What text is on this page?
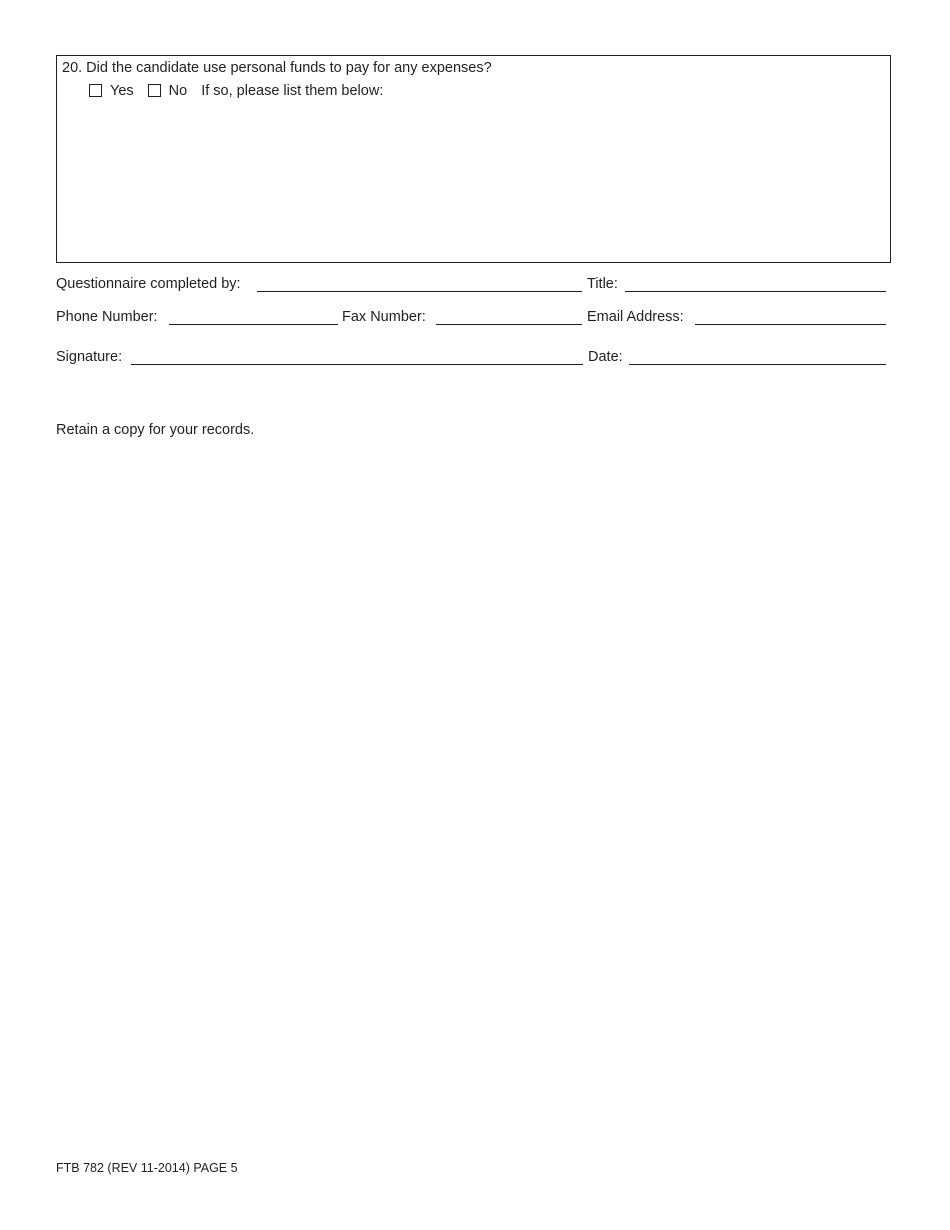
20. Did the candidate use personal funds to pay for any expenses?
Yes No If so, please list them below:
Questionnaire completed by:	Title:
Phone Number:	Fax Number:	Email Address:
Signature:	Date:
Retain a copy for your records.
FTB 782 (REV 11-2014) PAGE 5
